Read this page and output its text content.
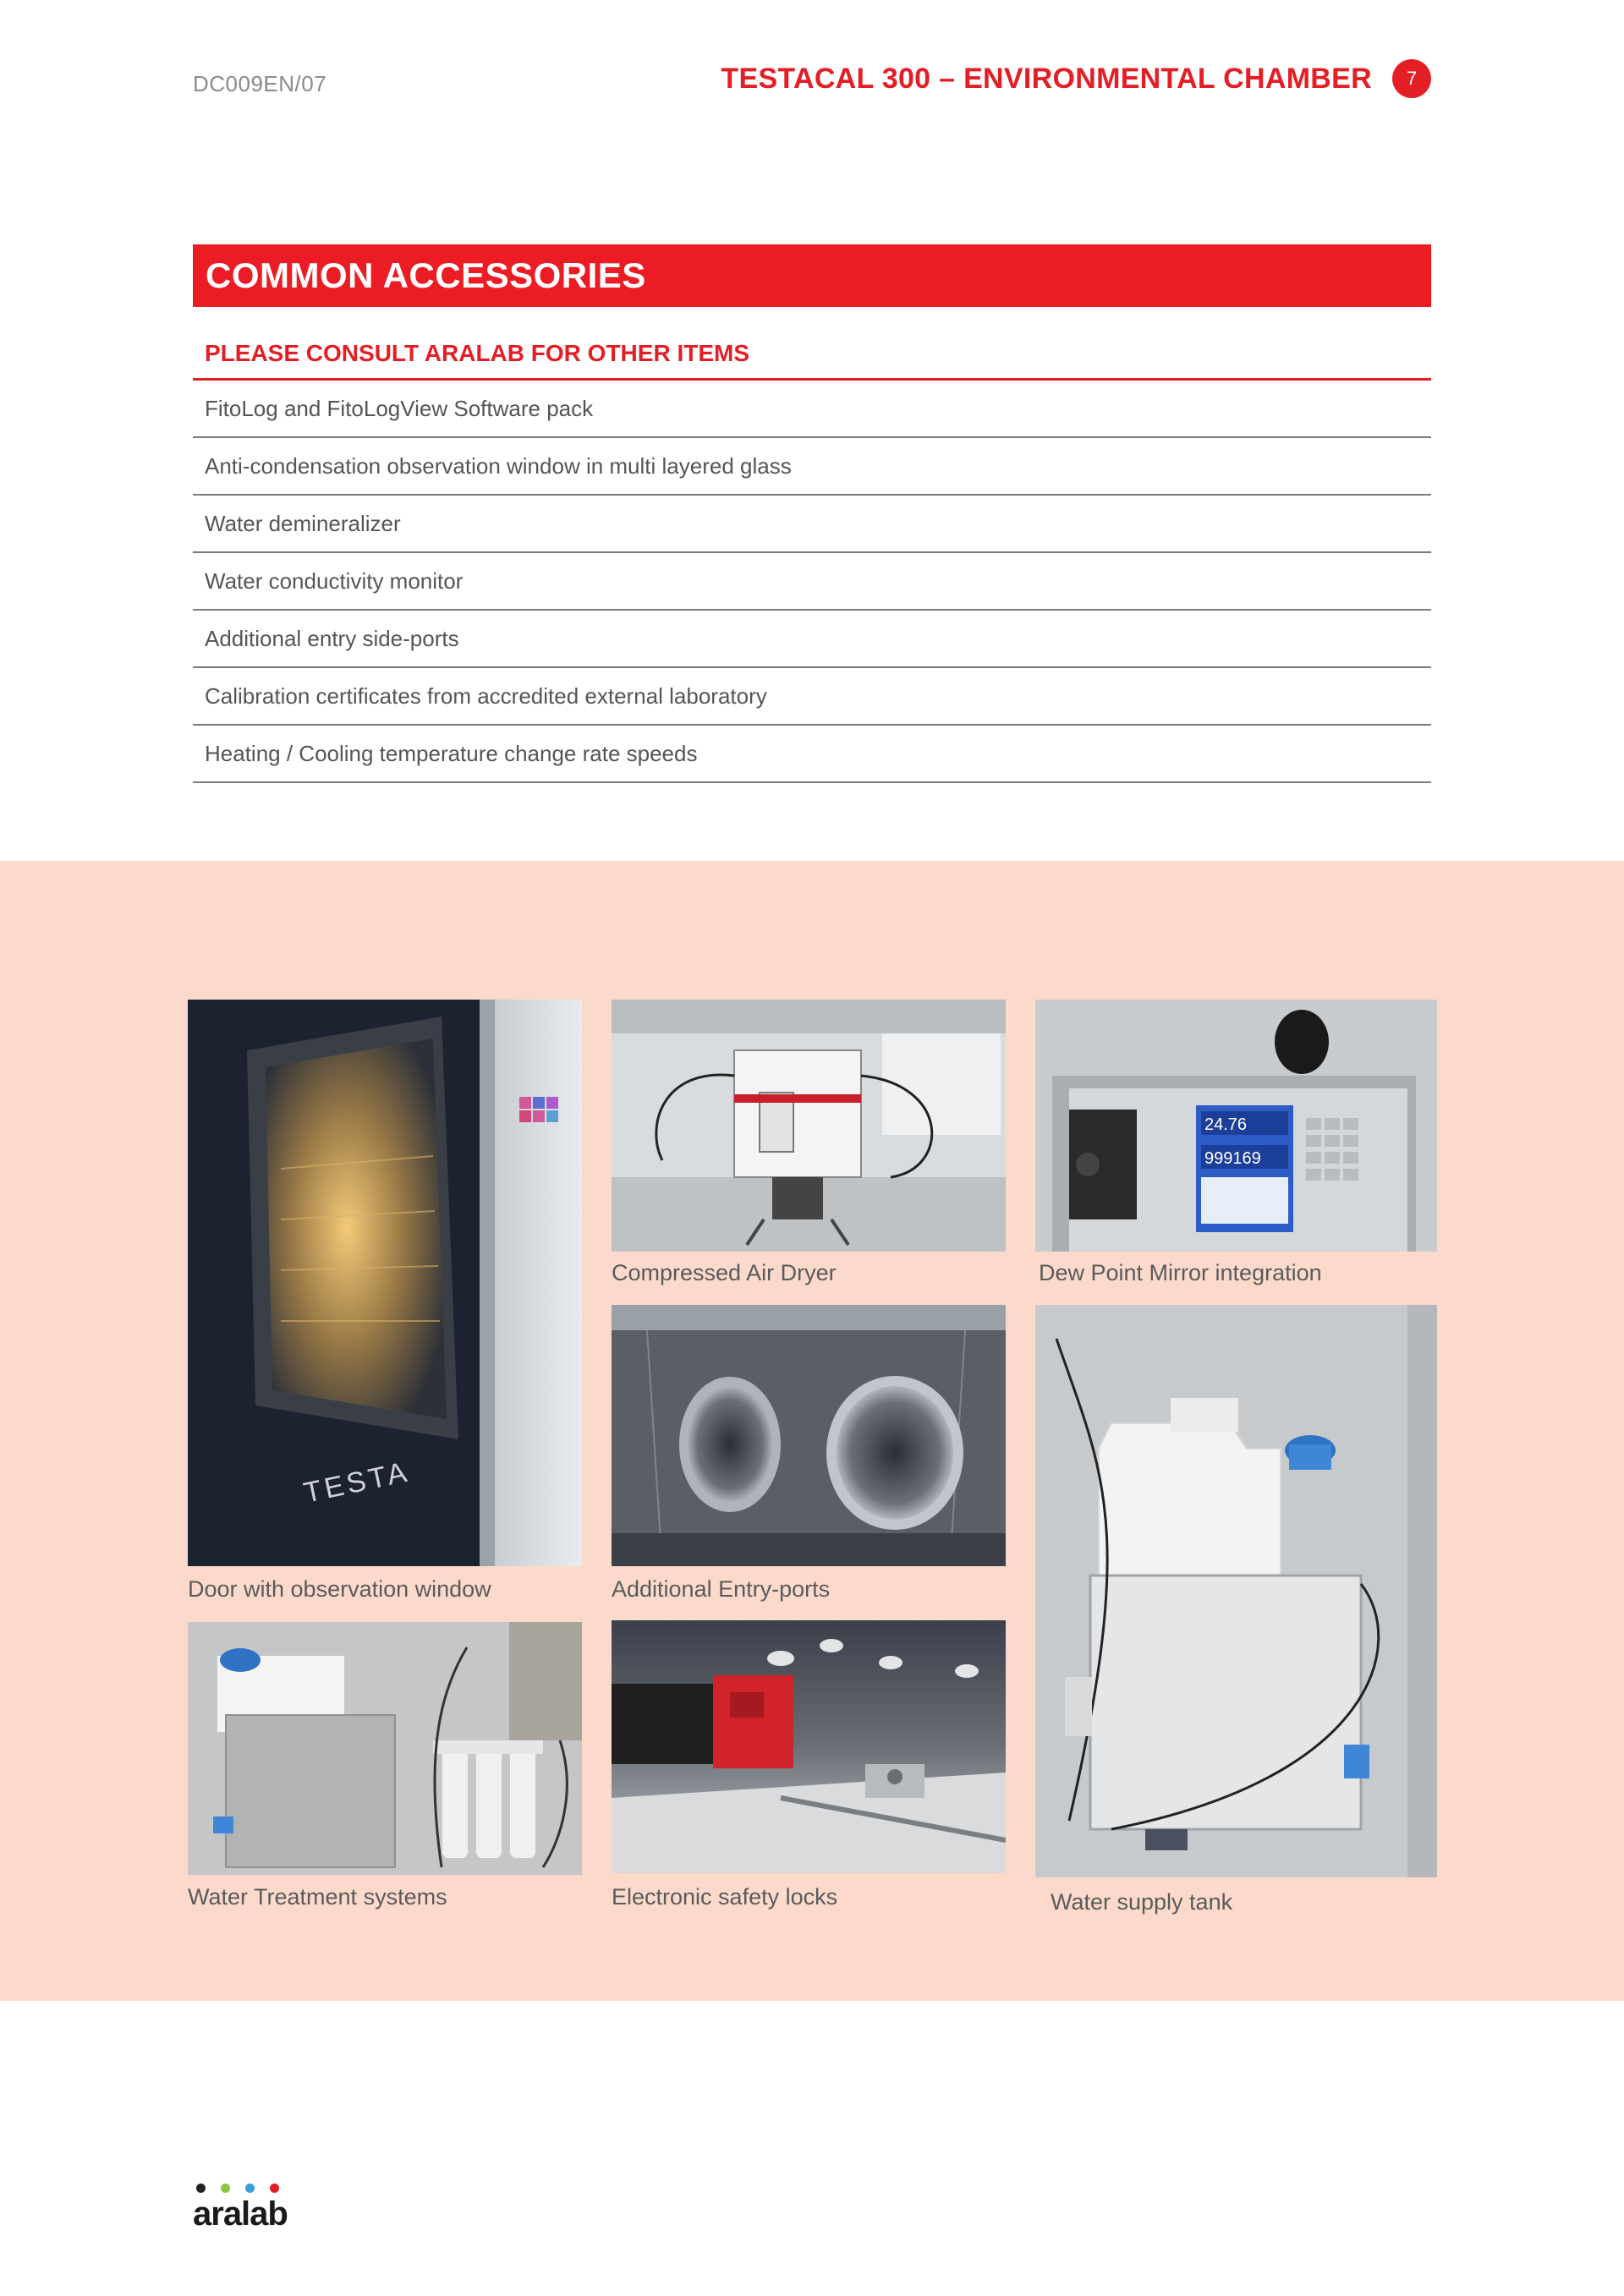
DC009EN/07	TESTACAL 300 – ENVIRONMENTAL CHAMBER	7
COMMON ACCESSORIES
PLEASE CONSULT ARALAB FOR OTHER ITEMS
FitoLog and FitoLogView Software pack
Anti-condensation observation window in multi layered glass
Water demineralizer
Water conductivity monitor
Additional entry side-ports
Calibration certificates from accredited external laboratory
Heating / Cooling temperature change rate speeds
TESTA
Door with observation window
Compressed Air Dryer
24.76
999169
Dew Point Mirror integration
Additional Entry-ports
Water supply tank
Water Treatment systems	Electronic safety locks
aralab
